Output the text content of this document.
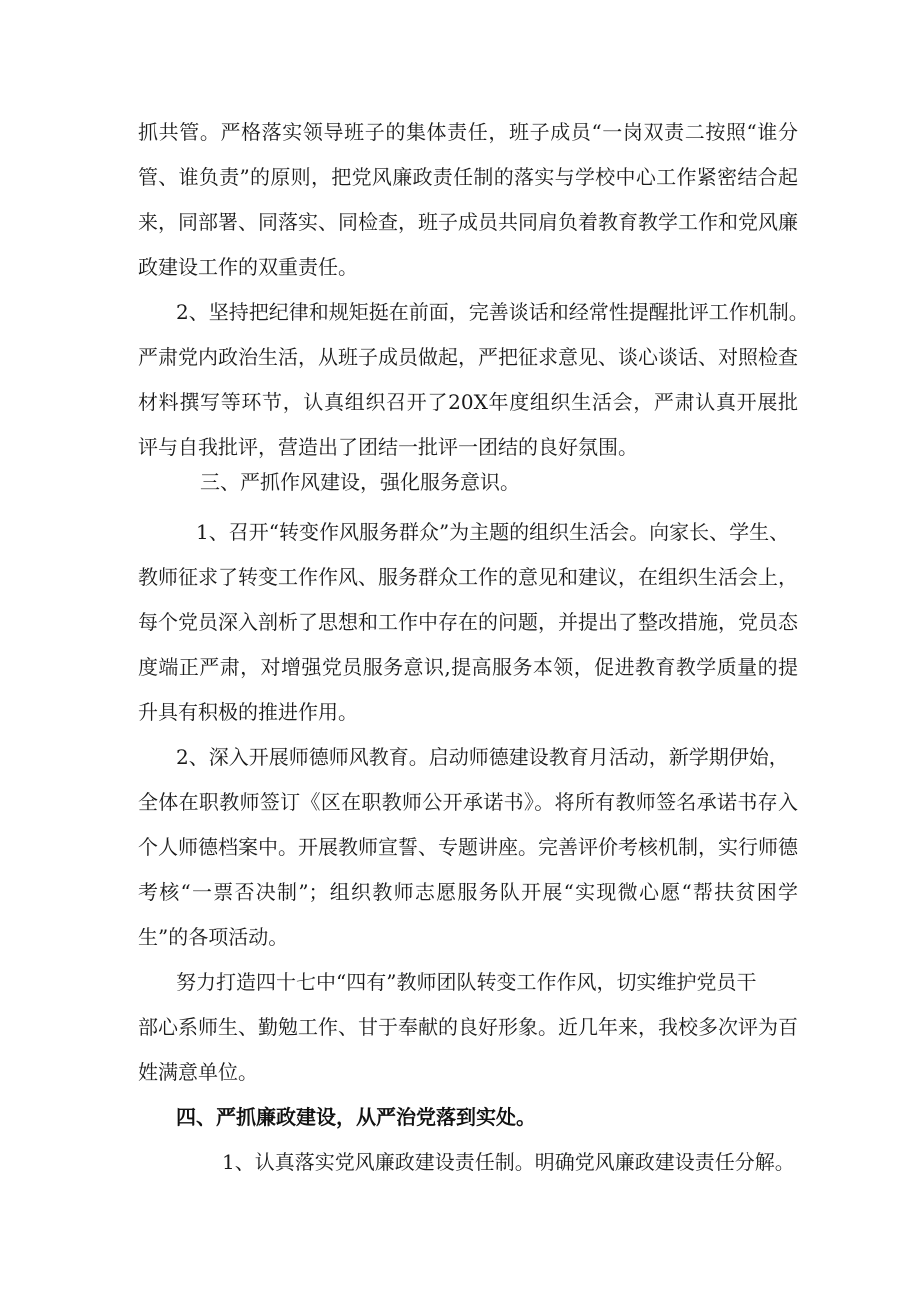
抓共管。严格落实领导班子的集体责任，班子成员“一岗双责二按照“谁分
管、谁负责”的原则，把党风廉政责任制的落实与学校中心工作紧密结合起
来，同部署、同落实、同检查，班子成员共同肩负着教育教学工作和党风廉
政建设工作的双重责任。
2、坚持把纪律和规矩挺在前面，完善谈话和经常性提醒批评工作机制。
严肃党内政治生活，从班子成员做起，严把征求意见、谈心谈话、对照检查
材料撰写等环节，认真组织召开了20X年度组织生活会，严肃认真开展批
评与自我批评，营造出了团结一批评一团结的良好氛围。
三、严抓作风建设，强化服务意识。
1、召开“转变作风服务群众”为主题的组织生活会。向家长、学生、
教师征求了转变工作作风、服务群众工作的意见和建议，在组织生活会上，
每个党员深入剖析了思想和工作中存在的问题，并提出了整改措施，党员态
度端正严肃，对增强党员服务意识,提高服务本领，促进教育教学质量的提
升具有积极的推进作用。
2、深入开展师德师风教育。启动师德建设教育月活动，新学期伊始，
全体在职教师签订《区在职教师公开承诺书》。将所有教师签名承诺书存入
个人师德档案中。开展教师宣誓、专题讲座。完善评价考核机制，实行师德
考核“一票否决制”；组织教师志愿服务队开展“实现微心愿“帮扶贫困学
生”的各项活动。
努力打造四十七中“四有”教师团队转变工作作风，切实维护党员干
部心系师生、勤勉工作、甘于奉献的良好形象。近几年来，我校多次评为百
姓满意单位。
四、严抓廉政建设，从严治党落到实处。
1、认真落实党风廉政建设责任制。明确党风廉政建设责任分解。
